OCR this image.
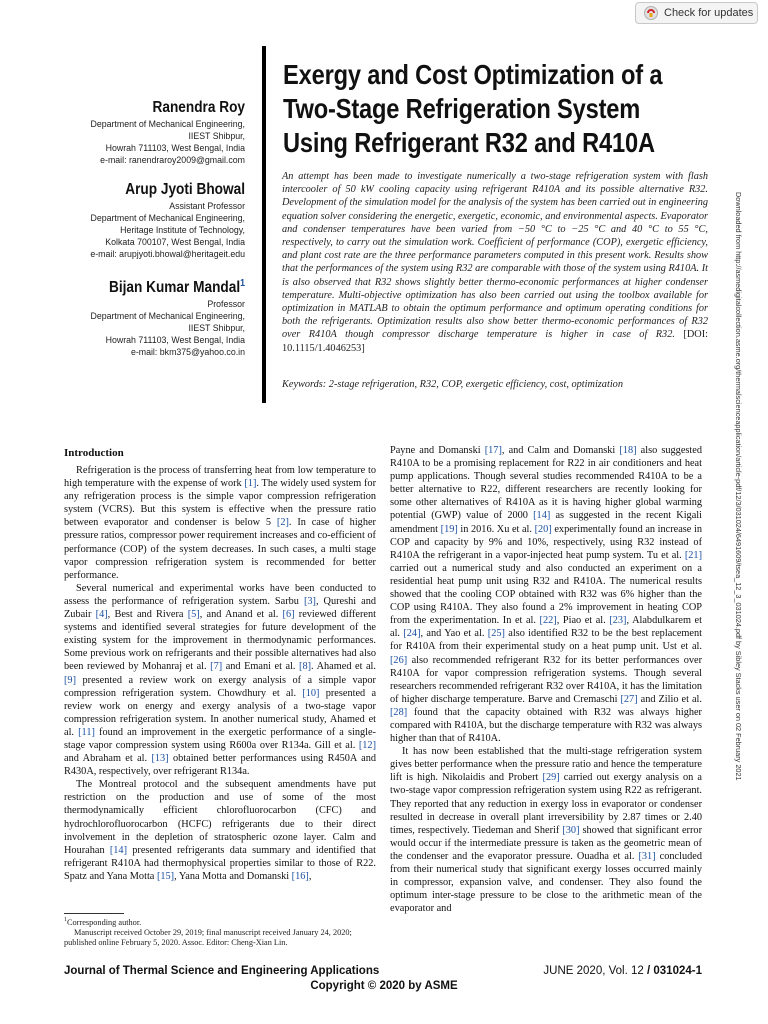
Check for updates
Exergy and Cost Optimization of a
Two-Stage Refrigeration System
Using Refrigerant R32 and R410A
Ranendra Roy
Department of Mechanical Engineering,
IIEST Shibpur,
Howrah 711103, West Bengal, India
e-mail: ranendraroy2009@gmail.com
Arup Jyoti Bhowal
Assistant Professor
Department of Mechanical Engineering,
Heritage Institute of Technology,
Kolkata 700107, West Bengal, India
e-mail: arupjyoti.bhowal@heritageit.edu
Bijan Kumar Mandal$^1$
Professor
Department of Mechanical Engineering,
IIEST Shibpur,
Howrah 711103, West Bengal, India
e-mail: bkm375@yahoo.co.in
An attempt has been made to investigate numerically a two-stage refrigeration system with flash intercooler of 50 kW cooling capacity using refrigerant R410A and its possible alternative R32. Development of the simulation model for the analysis of the system has been carried out in engineering equation solver considering the energetic, exergetic, economic, and environmental aspects. Evaporator and condenser temperatures have been varied from −50 °C to −25 °C and 40 °C to 55 °C, respectively, to carry out the simulation work. Coefficient of performance (COP), exergetic efficiency, and plant cost rate are the three performance parameters computed in this present work. Results show that the performances of the system using R32 are comparable with those of the system using R410A. It is also observed that R32 shows slightly better thermo-economic performances at higher condenser temperature. Multi-objective optimization has also been carried out using the toolbox available for optimization in MATLAB to obtain the optimum performance and optimum operating conditions for both the refrigerants. Optimization results also show better thermo-economic performances of R32 over R410A though compressor discharge temperature is higher in case of R32. [DOI: 10.1115/1.4046253]
Keywords: 2-stage refrigeration, R32, COP, exergetic efficiency, cost, optimization	Downloaded from http://asmedigitalcollection.asme.org/thermalscienceapplication/article-pdf/12/3/031024/6491609/tsea_12_3_031024.pdf by Sibley Stacks user on 02 February 2021
Introduction

Refrigeration is the process of transferring heat from low temperature to high temperature with the expense of work [1]. The widely used system for any refrigeration process is the simple vapor compression refrigeration system (VCRS). But this system is effective when the pressure ratio between evaporator and condenser is below 5 [2]. In case of higher pressure ratios, compressor power requirement increases and co-efficient of performance (COP) of the system decreases. In such cases, a multi stage vapor compression refrigeration system is recommended for better performance.

Several numerical and experimental works have been conducted to assess the performance of refrigeration system. Sarbu [3], Qureshi and Zubair [4], Best and Rivera [5], and Anand et al. [6] reviewed different systems and identified several strategies for future development of the existing system for the improvement in thermodynamic performances. Some previous work on refrigerants and their possible alternatives had also been reviewed by Mohanraj et al. [7] and Emani et al. [8]. Ahamed et al. [9] presented a review work on exergy analysis of a simple vapor compression refrigeration system. Chowdhury et al. [10] presented a review work on energy and exergy analysis of a two-stage vapor compression refrigeration system. In another numerical study, Ahamed et al. [11] found an improvement in the exergetic performance of a single-stage vapor compression system using R600a over R134a. Gill et al. [12] and Abraham et al. [13] obtained better performances using R450A and R430A, respectively, over refrigerant R134a.

The Montreal protocol and the subsequent amendments have put restriction on the production and use of some of the most thermodynamically efficient chlorofluorocarbon (CFC) and hydrochlorofluorocarbon (HCFC) refrigerants due to their direct involvement in the depletion of stratospheric ozone layer. Calm and Hourahan [14] presented refrigerants data summary and identified that refrigerant R410A had thermophysical properties similar to those of R22. Spatz and Yana Motta [15], Yana Motta and Domanski [16],

Payne and Domanski [17], and Calm and Domanski [18] also suggested R410A to be a promising replacement for R22 in air conditioners and heat pump applications. Though several studies recommended R410A to be a better alternative to R22, different researchers are recently looking for some other alternatives of R410A as it is having higher global warming potential (GWP) value of 2000 [14] as suggested in the recent Kigali amendment [19] in 2016. Xu et al. [20] experimentally found an increase in COP and capacity by 9% and 10%, respectively, using R32 instead of R410A the refrigerant in a vapor-injected heat pump system. Tu et al. [21] carried out a numerical study and also conducted an experiment on a residential heat pump unit using R32 and R410A. The numerical results showed that the cooling COP obtained with R32 was 6% higher than the COP using R410A. They also found a 2% improvement in heating COP from the experimentation. In et al. [22], Piao et al. [23], Alabdulkarem et al. [24], and Yao et al. [25] also identified R32 to be the best replacement for R410A from their experimental study on a heat pump unit. Ust et al. [26] also recommended refrigerant R32 for its better performances over R410A for vapor compression refrigeration systems. Though several researchers recommended refrigerant R32 over R410A, it has the limitation of higher discharge temperature. Barve and Cremaschi [27] and Zilio et al. [28] found that the capacity obtained with R32 was always higher compared with R410A, but the discharge temperature with R32 was always higher than that of R410A.

It has now been established that the multi-stage refrigeration system gives better performance when the pressure ratio and hence the temperature lift is high. Nikolaidis and Probert [29] carried out exergy analysis on a two-stage vapor compression refrigeration system using R22 as refrigerant. They reported that any reduction in exergy loss in evaporator or condenser resulted in decrease in overall plant irreversibility by 2.87 times or 2.40 times, respectively. Tiedeman and Sherif [30] showed that significant error would occur if the intermediate pressure is taken as the geometric mean of the condenser and the evaporator pressure. Ouadha et al. [31] concluded from their numerical study that significant exergy losses occurred mainly in compressor, expansion valve, and condenser. They also found the optimum inter-stage pressure to be close to the arithmetic mean of the evaporator and

$^1$Corresponding author.
Manuscript received October 29, 2019; final manuscript received January 24, 2020; published online February 5, 2020. Assoc. Editor: Cheng-Xian Lin.
Journal of Thermal Science and Engineering Applications	JUNE 2020, Vol. 12 / 031024-1
Copyright © 2020 by ASME
